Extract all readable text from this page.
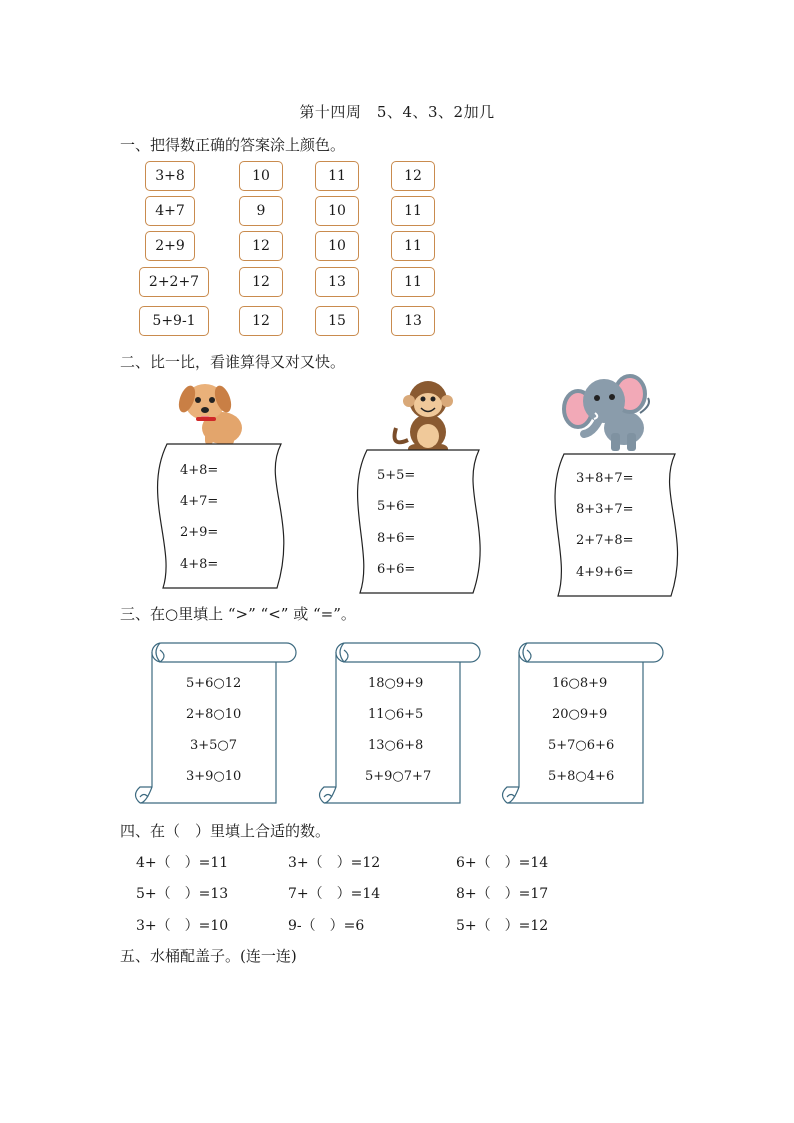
第十四周　5、4、3、2加几
一、把得数正确的答案涂上颜色。
3+8	10	11	12
4+7	9	10	11
2+9	12	10	11
2+2+7	12	13	11
5+9-1	12	15	13
二、比一比，看谁算得又对又快。
4+8=
4+7=
2+9=
4+8=
5+5=
5+6=
8+6=
6+6=
3+8+7=
8+3+7=
2+7+8=
4+9+6=
三、在○里填上 “>” “<” 或 “=”。
5+6○12
2+8○10
3+5○7
3+9○10
18○9+9
11○6+5
13○6+8
5+9○7+7
16○8+9
20○9+9
5+7○6+6
5+8○4+6
四、在（　）里填上合适的数。
4+（　）=11	3+（　）=12	6+（　）=14
5+（　）=13	7+（　）=14	8+（　）=17
3+（　）=10	9-（　）=6	5+（　）=12
五、水桶配盖子。(连一连)
